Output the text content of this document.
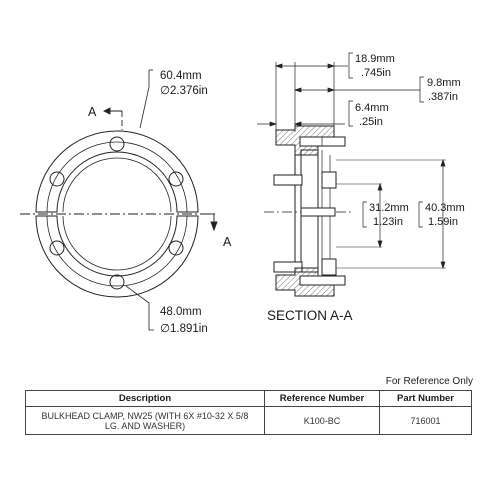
A
A
60.4mm
∅ 2.376in
48.0mm
∅ 1.891in
18.9mm
.745in
9.8mm
.387in
6.4mm
.25in
31.2mm
1.23in
40.3mm
1.59in
SECTION A-A
For Reference Only
Description	Reference Number	Part Number
BULKHEAD CLAMP, NW25 (WITH 6X #10-32 X 5/8
LG. AND WASHER)	K100-BC	716001
